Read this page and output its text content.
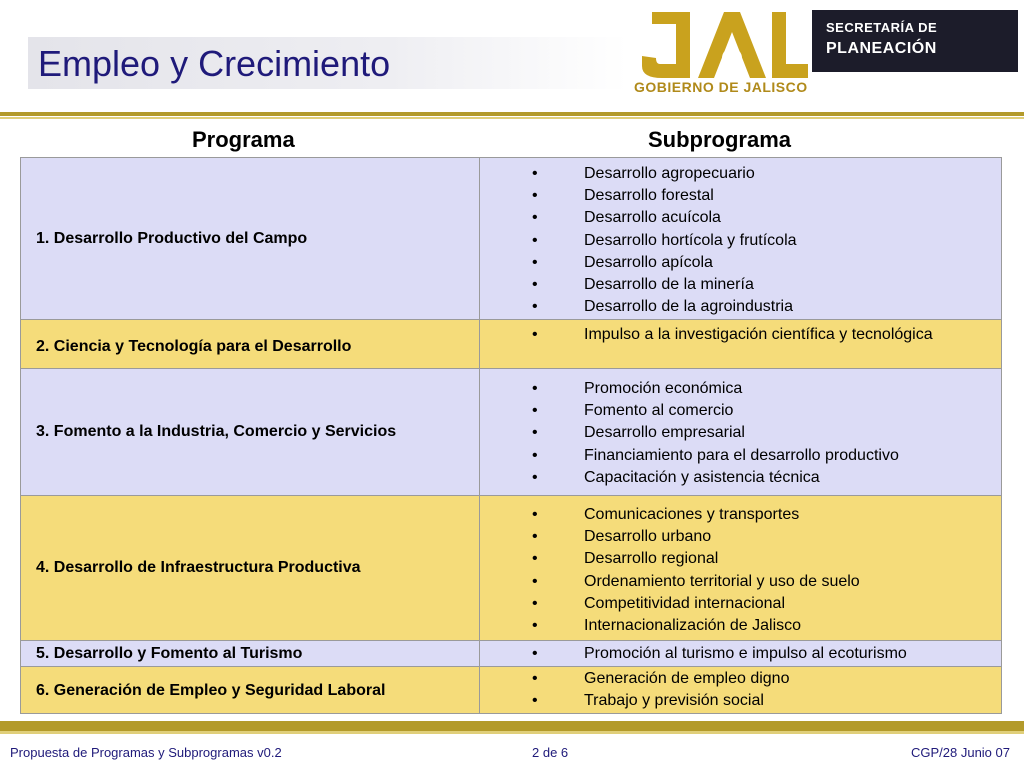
Empleo y Crecimiento
GOBIERNO DE JALISCO
SECRETARÍA DE
PLANEACIÓN
Programa	Subprograma
1. Desarrollo Productivo del Campo
•	Desarrollo agropecuario
•	Desarrollo forestal
•	Desarrollo acuícola
•	Desarrollo hortícola y frutícola
•	Desarrollo apícola
•	Desarrollo de la minería
•	Desarrollo de la agroindustria
2. Ciencia y Tecnología para el Desarrollo
•	Impulso a la investigación científica y tecnológica
3. Fomento a la Industria, Comercio y Servicios
•	Promoción económica
•	Fomento al comercio
•	Desarrollo empresarial
•	Financiamiento para el desarrollo productivo
•	Capacitación y asistencia técnica
4. Desarrollo de Infraestructura Productiva
•	Comunicaciones y transportes
•	Desarrollo urbano
•	Desarrollo regional
•	Ordenamiento territorial y uso de suelo
•	Competitividad internacional
•	Internacionalización de Jalisco
5. Desarrollo y Fomento al Turismo	•	Promoción al turismo e impulso al ecoturismo
6. Generación de Empleo y Seguridad Laboral
•	Generación de empleo digno
•	Trabajo y previsión social
Propuesta de Programas y Subprogramas v0.2	2 de 6	CGP/28 Junio 07
